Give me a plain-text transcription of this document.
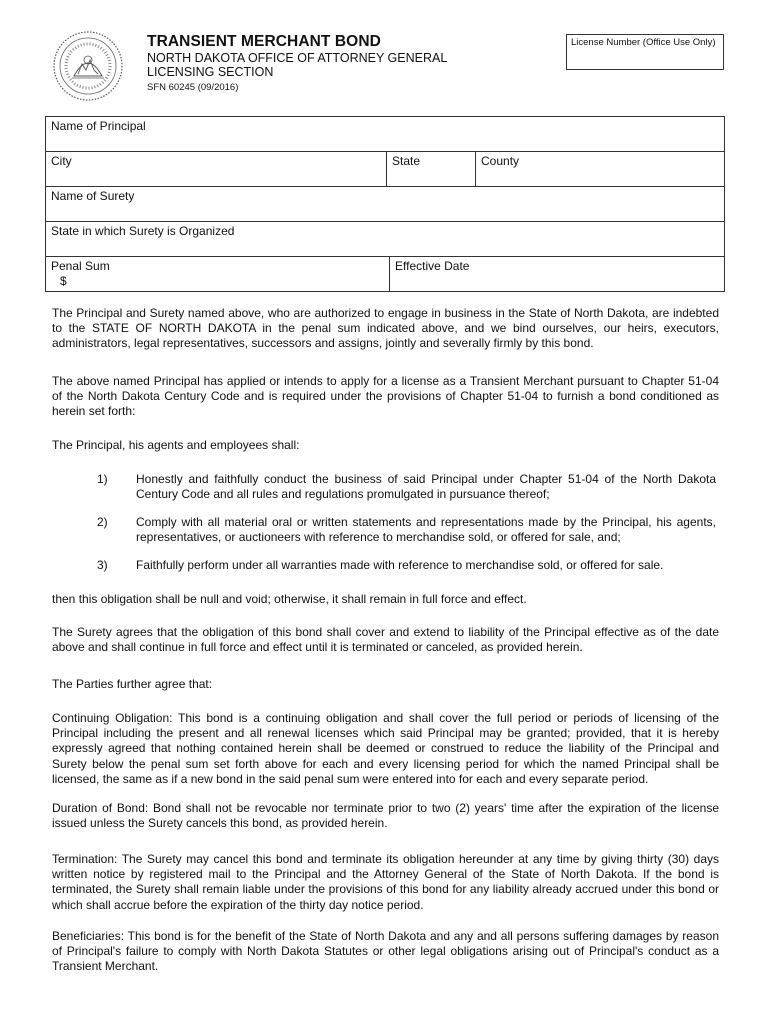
TRANSIENT MERCHANT BOND
NORTH DAKOTA OFFICE OF ATTORNEY GENERAL
LICENSING SECTION
SFN 60245 (09/2016)
License Number (Office Use Only)
Name of Principal
City	State	County
Name of Surety
State in which Surety is Organized
Penal Sum
$
Effective Date

The Principal and Surety named above, who are authorized to engage in business in the State of North Dakota, are indebted to the STATE OF NORTH DAKOTA in the penal sum indicated above, and we bind ourselves, our heirs, executors, administrators, legal representatives, successors and assigns, jointly and severally firmly by this bond.

The above named Principal has applied or intends to apply for a license as a Transient Merchant pursuant to Chapter 51-04 of the North Dakota Century Code and is required under the provisions of Chapter 51-04 to furnish a bond conditioned as herein set forth:

The Principal, his agents and employees shall:

1) Honestly and faithfully conduct the business of said Principal under Chapter 51-04 of the North Dakota Century Code and all rules and regulations promulgated in pursuance thereof;
2) Comply with all material oral or written statements and representations made by the Principal, his agents, representatives, or auctioneers with reference to merchandise sold, or offered for sale, and;
3) Faithfully perform under all warranties made with reference to merchandise sold, or offered for sale.

then this obligation shall be null and void; otherwise, it shall remain in full force and effect.

The Surety agrees that the obligation of this bond shall cover and extend to liability of the Principal effective as of the date above and shall continue in full force and effect until it is terminated or canceled, as provided herein.

The Parties further agree that:

Continuing Obligation: This bond is a continuing obligation and shall cover the full period or periods of licensing of the Principal including the present and all renewal licenses which said Principal may be granted; provided, that it is hereby expressly agreed that nothing contained herein shall be deemed or construed to reduce the liability of the Principal and Surety below the penal sum set forth above for each and every licensing period for which the named Principal shall be licensed, the same as if a new bond in the said penal sum were entered into for each and every separate period.

Duration of Bond: Bond shall not be revocable nor terminate prior to two (2) years' time after the expiration of the license issued unless the Surety cancels this bond, as provided herein.

Termination: The Surety may cancel this bond and terminate its obligation hereunder at any time by giving thirty (30) days written notice by registered mail to the Principal and the Attorney General of the State of North Dakota. If the bond is terminated, the Surety shall remain liable under the provisions of this bond for any liability already accrued under this bond or which shall accrue before the expiration of the thirty day notice period.

Beneficiaries: This bond is for the benefit of the State of North Dakota and any and all persons suffering damages by reason of Principal's failure to comply with North Dakota Statutes or other legal obligations arising out of Principal's conduct as a Transient Merchant.
